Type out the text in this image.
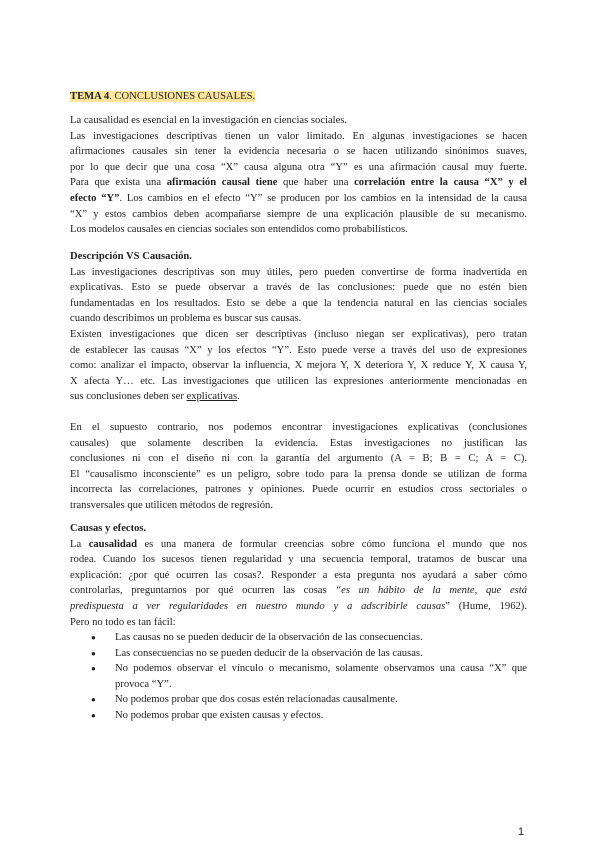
TEMA 4. CONCLUSIONES CAUSALES.
La causalidad es esencial en la investigación en ciencias sociales.
Las investigaciones descriptivas tienen un valor limitado. En algunas investigaciones se hacen
afirmaciones causales sin tener la evidencia necesaria o se hacen utilizando sinónimos suaves,
por lo que decir que una cosa “X” causa alguna otra “Y” es una afirmación causal muy fuerte.
Para que exista una afirmación causal tiene que haber una correlación entre la causa “X” y el
efecto “Y”. Los cambios en el efecto “Y” se producen por los cambios en la intensidad de la causa
“X” y estos cambios deben acompañarse siempre de una explicación plausible de su mecanismo.
Los modelos causales en ciencias sociales son entendidos como probabilísticos.
Descripción VS Causación.
Las investigaciones descriptivas son muy útiles, pero pueden convertirse de forma inadvertida en
explicativas. Esto se puede observar a través de las conclusiones: puede que no estén bien
fundamentadas en los resultados. Esto se debe a que la tendencia natural en las ciencias sociales
cuando describimos un problema es buscar sus causas.
Existen investigaciones que dicen ser descriptivas (incluso niegan ser explicativas), pero tratan
de establecer las causas “X” y los efectos “Y”. Esto puede verse a través del uso de expresiones
como: analizar el impacto, observar la influencia, X mejora Y, X deteriora Y, X reduce Y, X causa Y,
X afecta Y… etc. Las investigaciones que utilicen las expresiones anteriormente mencionadas en
sus conclusiones deben ser explicativas.
En el supuesto contrario, nos podemos encontrar investigaciones explicativas (conclusiones
causales) que solamente describen la evidencia. Estas investigaciones no justifican las
conclusiones ni con el diseño ni con la garantía del argumento (A = B; B = C; A = C).
El “causalismo inconsciente” es un peligro, sobre todo para la prensa donde se utilizan de forma
incorrecta las correlaciones, patrones y opiniones. Puede ocurrir en estudios cross sectoriales o
transversales que utilicen métodos de regresión.
Causas y efectos.
La causalidad es una manera de formular creencias sobre cómo funciona el mundo que nos
rodea. Cuando los sucesos tienen regularidad y una secuencia temporal, tratamos de buscar una
explicación: ¿por qué ocurren las cosas?. Responder a esta pregunta nos ayudará a saber cómo
controlarlas, preguntarnos por qué ocurren las cosas “es un hábito de la mente, que está
predispuesta a ver regularidades en nuestro mundo y a adscribirle causas” (Hume, 1962).
Pero no todo es tan fácil:
● Las causas no se pueden deducir de la observación de las consecuencias.
● Las consecuencias no se pueden deducir de la observación de las causas.
● No podemos observar el vínculo o mecanismo, solamente observamos una causa “X” que
provoca “Y”.
● No podemos probar que dos cosas estén relacionadas causalmente.
● No podemos probar que existen causas y efectos.
1
